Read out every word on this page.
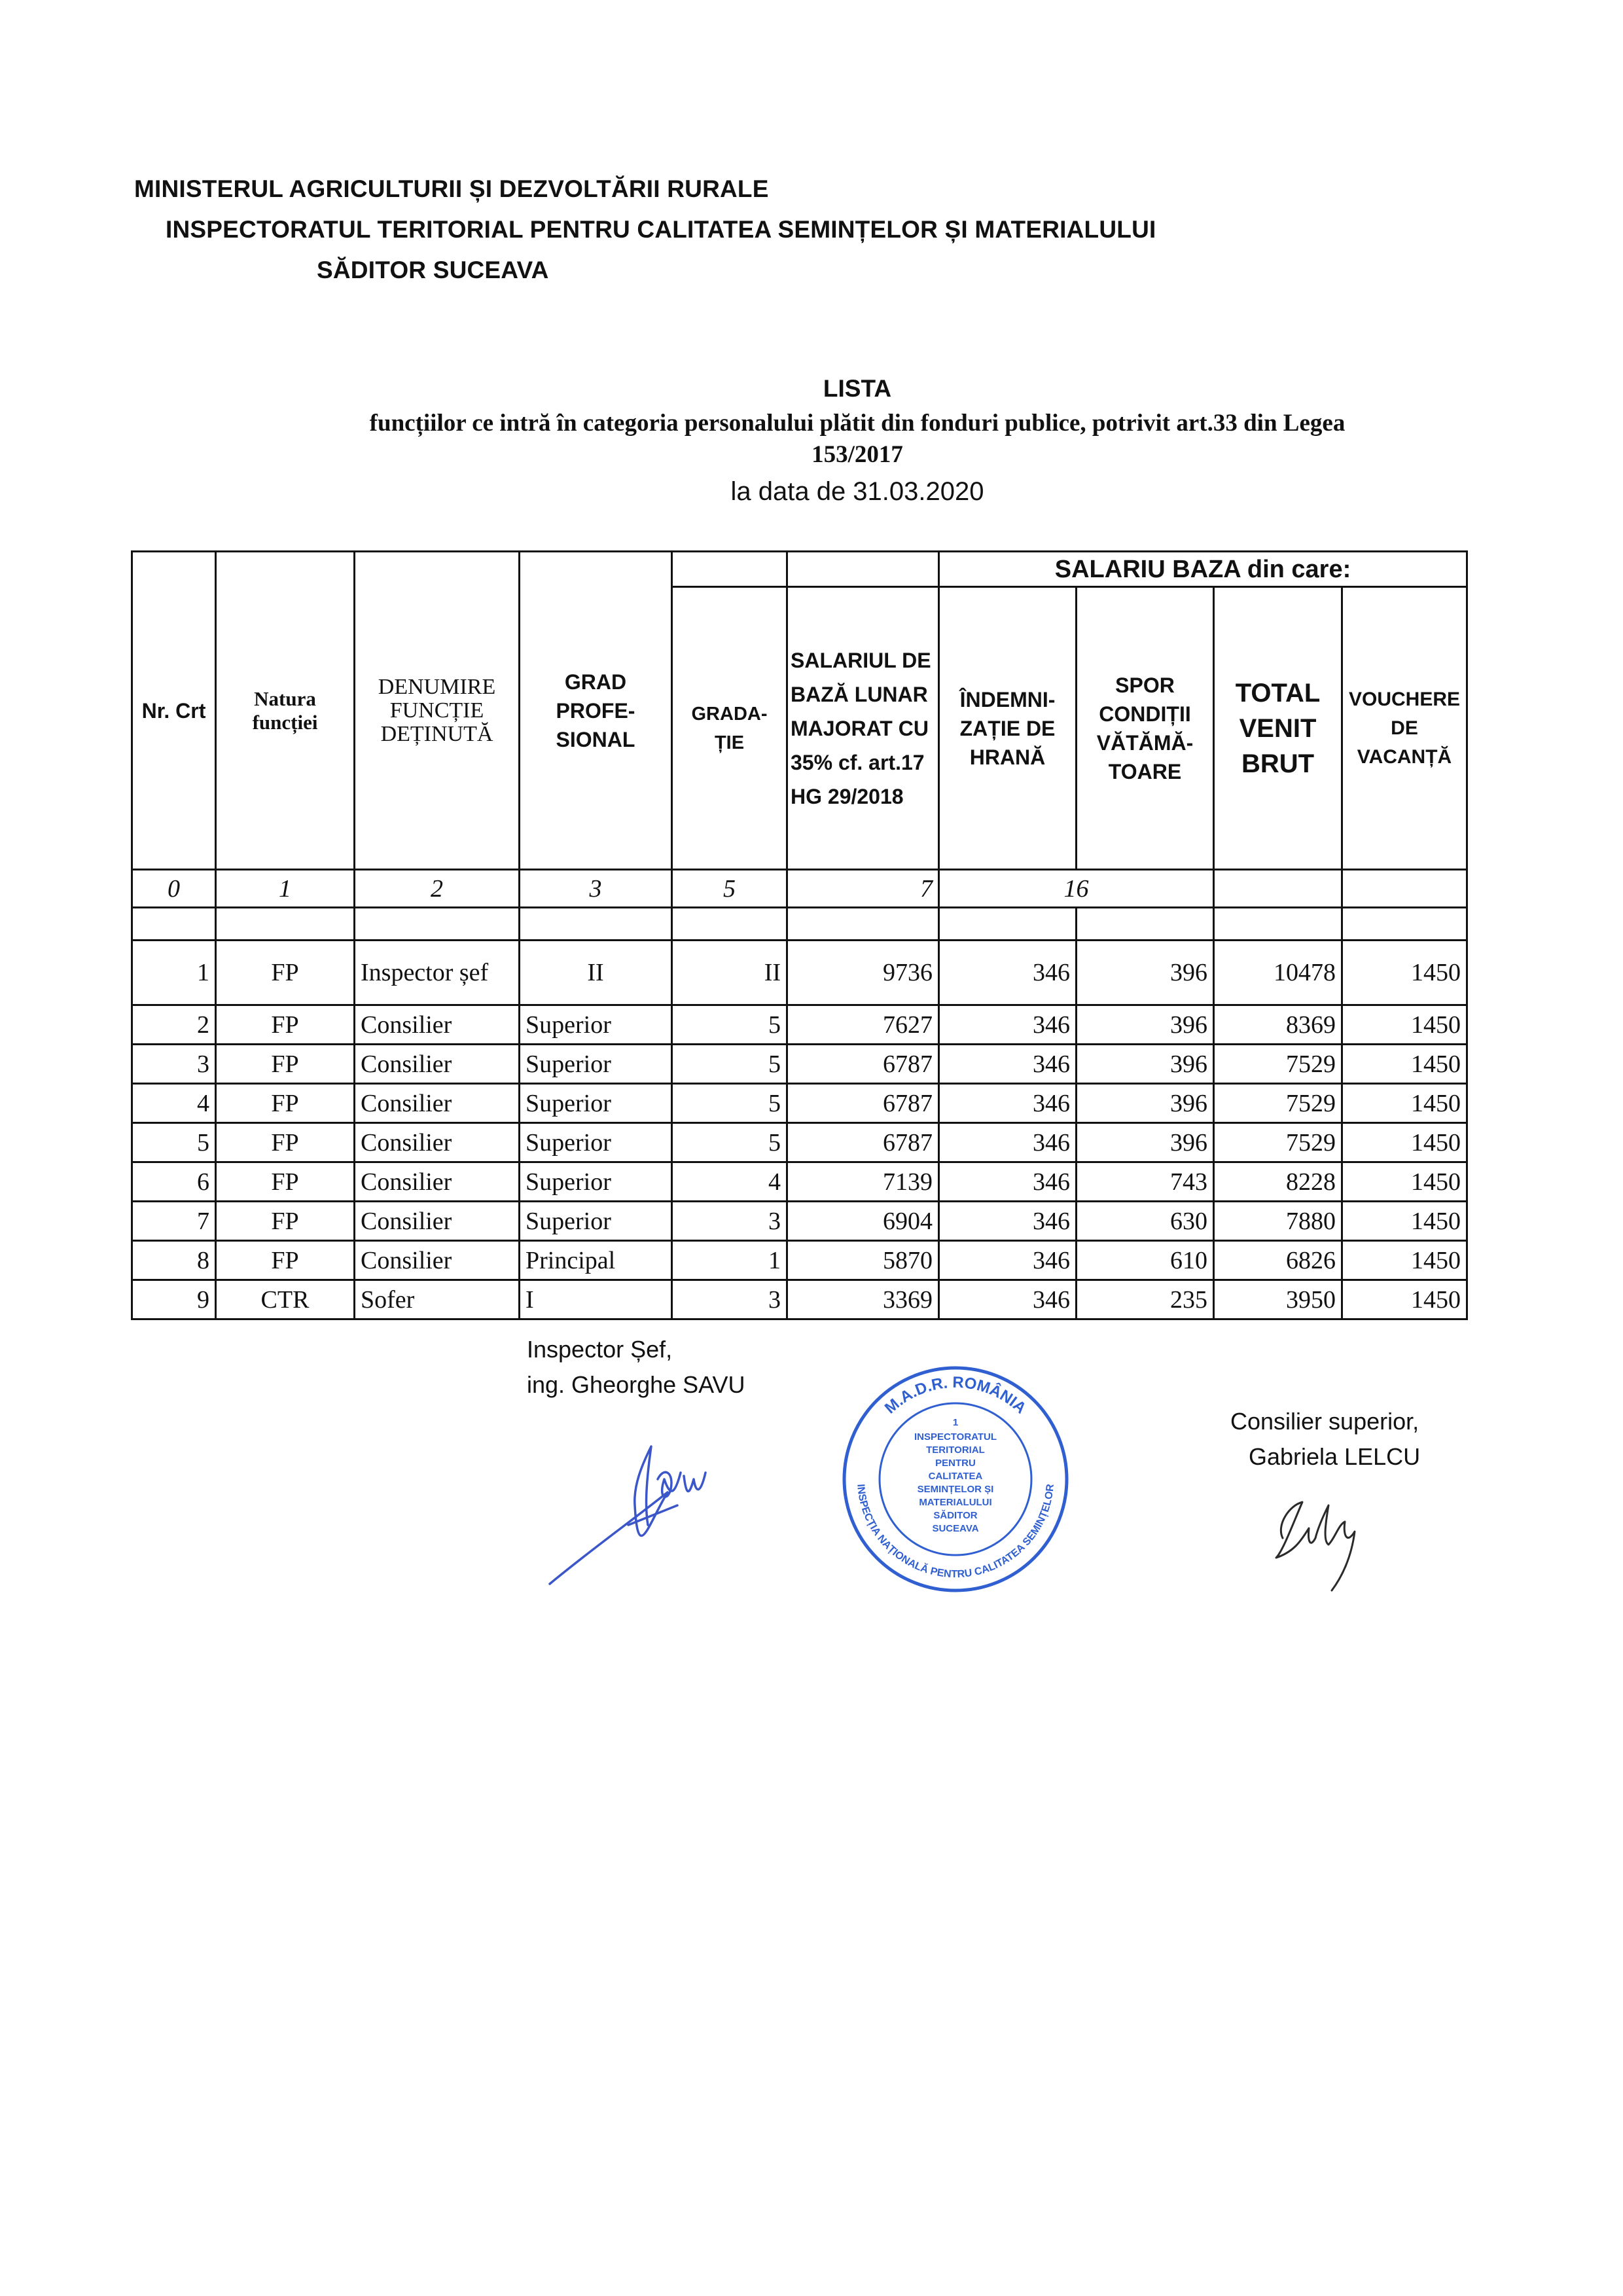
MINISTERUL AGRICULTURII ȘI DEZVOLTĂRII RURALE
INSPECTORATUL TERITORIAL PENTRU CALITATEA SEMINȚELOR ȘI MATERIALULUI
SĂDITOR SUCEAVA
LISTA
funcțiilor ce intră în categoria personalului plătit din fonduri publice, potrivit art.33 din Legea
153/2017
la data de 31.03.2020
Nr. Crt	Natura funcției	DENUMIRE FUNCȚIE DEȚINUTĂ	GRAD PROFE-SIONAL			SALARIU BAZA din care:			
				GRADA-ȚIE	SALARIUL DE BAZĂ LUNAR MAJORAT CU 35% cf. art.17 HG 29/2018	ÎNDEMNI-ZAȚIE DE HRANĂ	SPOR CONDIȚII VĂTĂMĂ-TOARE	TOTAL VENIT BRUT	VOUCHERE DE VACANȚĂ
0	1	2	3	5	7	16			

1	FP	Inspector șef	II	II	9736	346	396	10478	1450
2	FP	Consilier	Superior	5	7627	346	396	8369	1450
3	FP	Consilier	Superior	5	6787	346	396	7529	1450
4	FP	Consilier	Superior	5	6787	346	396	7529	1450
5	FP	Consilier	Superior	5	6787	346	396	7529	1450
6	FP	Consilier	Superior	4	7139	346	743	8228	1450
7	FP	Consilier	Superior	3	6904	346	630	7880	1450
8	FP	Consilier	Principal	1	5870	346	610	6826	1450
9	CTR	Sofer	I	3	3369	346	235	3950	1450
Inspector Șef,
ing. Gheorghe SAVU
Consilier superior,
Gabriela LELCU
M.A.D.R. ROMÂNIA
INSPECȚIA NAȚIONALĂ PENTRU CALITATEA SEMINȚELOR
1
INSPECTORATUL
TERITORIAL
PENTRU
CALITATEA
SEMINȚELOR ȘI
MATERIALULUI
SĂDITOR
SUCEAVA
